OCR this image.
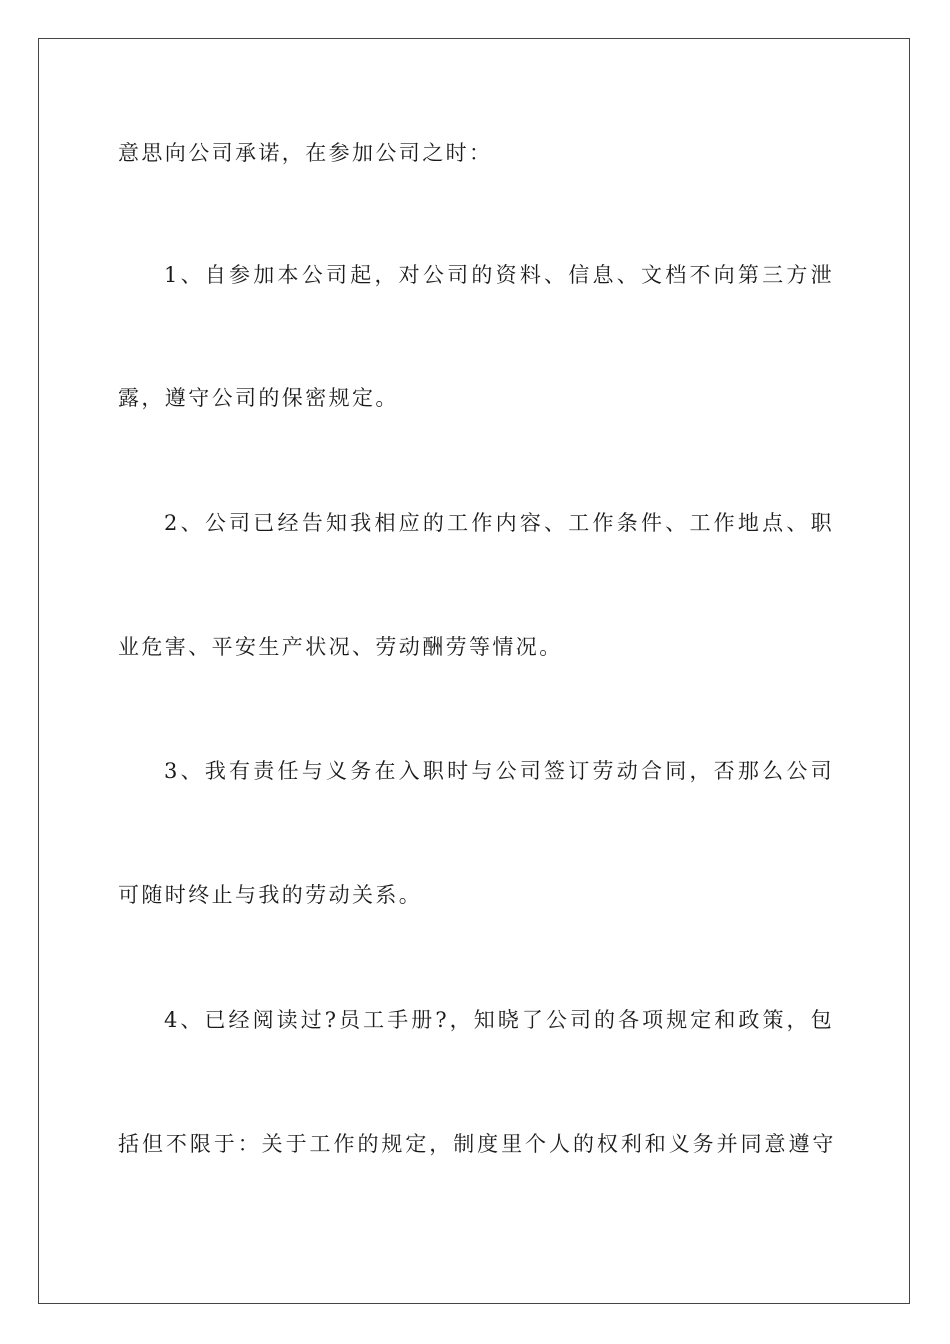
意思向公司承诺，在参加公司之时：
1、自参加本公司起，对公司的资料、信息、文档不向第三方泄
露，遵守公司的保密规定。
2、公司已经告知我相应的工作内容、工作条件、工作地点、职
业危害、平安生产状况、劳动酬劳等情况。
3、我有责任与义务在入职时与公司签订劳动合同，否那么公司
可随时终止与我的劳动关系。
4、已经阅读过?员工手册?，知晓了公司的各项规定和政策，包
括但不限于：关于工作的规定，制度里个人的权利和义务并同意遵守
